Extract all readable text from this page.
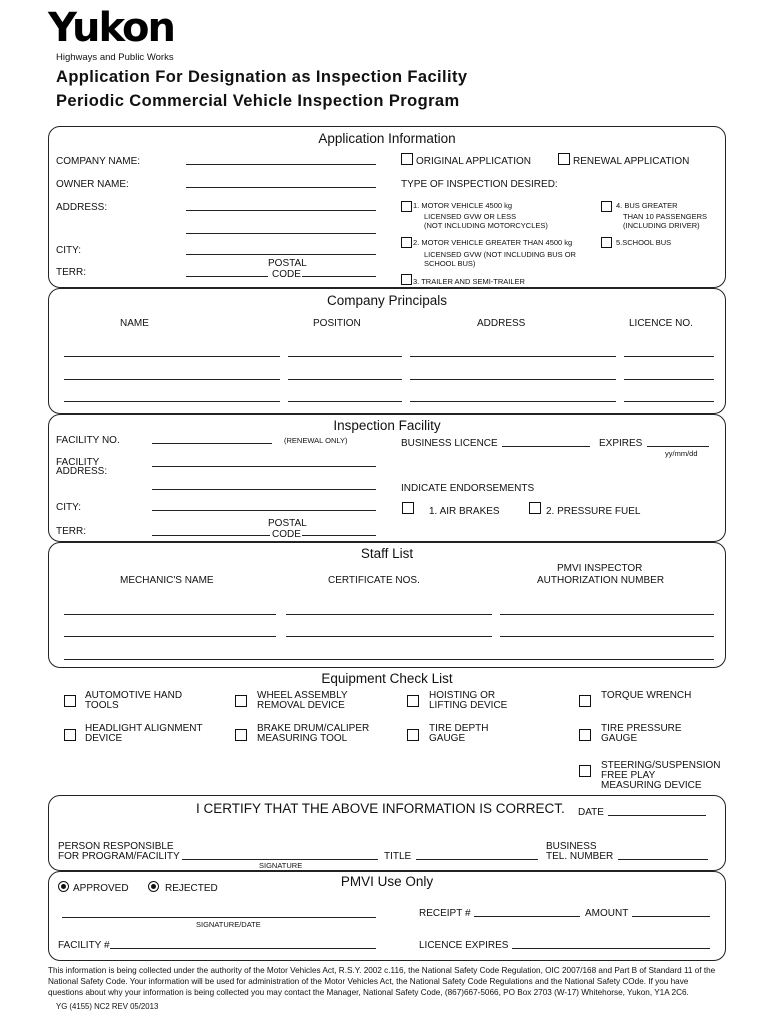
Yukon
Highways and Public Works
Application For Designation as Inspection Facility
Periodic Commercial Vehicle Inspection Program
Application Information
COMPANY NAME:
OWNER NAME:
ADDRESS:
CITY:
TERR:
POSTAL
CODE
ORIGINAL APPLICATION	RENEWAL APPLICATION
TYPE OF INSPECTION DESIRED:
1. MOTOR VEHICLE 4500 kg
LICENSED GVW OR LESS
(NOT INCLUDING MOTORCYCLES)
2. MOTOR VEHICLE GREATER THAN 4500 kg
LICENSED GVW (NOT INCLUDING BUS OR
SCHOOL BUS)
3. TRAILER AND SEMI-TRAILER
4. BUS GREATER
THAN 10 PASSENGERS
(INCLUDING DRIVER)
5.SCHOOL BUS
Company Principals
NAME	POSITION	ADDRESS	LICENCE NO.
Inspection Facility
FACILITY NO.	(RENEWAL ONLY)	BUSINESS LICENCE	EXPIRES
yy/mm/dd
FACILITY
ADDRESS:
INDICATE ENDORSEMENTS
CITY:	1. AIR BRAKES	2. PRESSURE FUEL
TERR:
POSTAL
CODE
Staff List
MECHANIC'S NAME	CERTIFICATE NOS.
PMVI INSPECTOR
AUTHORIZATION NUMBER
Equipment Check List
AUTOMOTIVE HAND
TOOLS
WHEEL ASSEMBLY
REMOVAL DEVICE
HOISTING OR
LIFTING DEVICE
TORQUE WRENCH
HEADLIGHT ALIGNMENT
DEVICE
BRAKE DRUM/CALIPER
MEASURING TOOL
TIRE DEPTH
GAUGE
TIRE PRESSURE
GAUGE
STEERING/SUSPENSION
FREE PLAY
MEASURING DEVICE
I CERTIFY THAT THE ABOVE INFORMATION IS CORRECT. DATE
PERSON RESPONSIBLE
FOR PROGRAM/FACILITY
SIGNATURE
TITLE
BUSINESS
TEL. NUMBER
PMVI Use Only
APPROVED	REJECTED
SIGNATURE/DATE
RECEIPT #	AMOUNT
FACILITY #	LICENCE EXPIRES
This information is being collected under the authority of the Motor Vehicles Act, R.S.Y. 2002 c.116, the National Safety Code Regulation, OIC 2007/168 and Part B of Standard 11 of the National Safety Code. Your information will be used for administration of the Motor Vehicles Act, the National Safety Code Regulations and the National Safety COde. If you have questions about why your information is being collected you may contact the Manager, National Safety Code, (867)667-5066, PO Box 2703 (W-17) Whitehorse, Yukon, Y1A 2C6.
YG (4155) NC2 REV 05/2013
